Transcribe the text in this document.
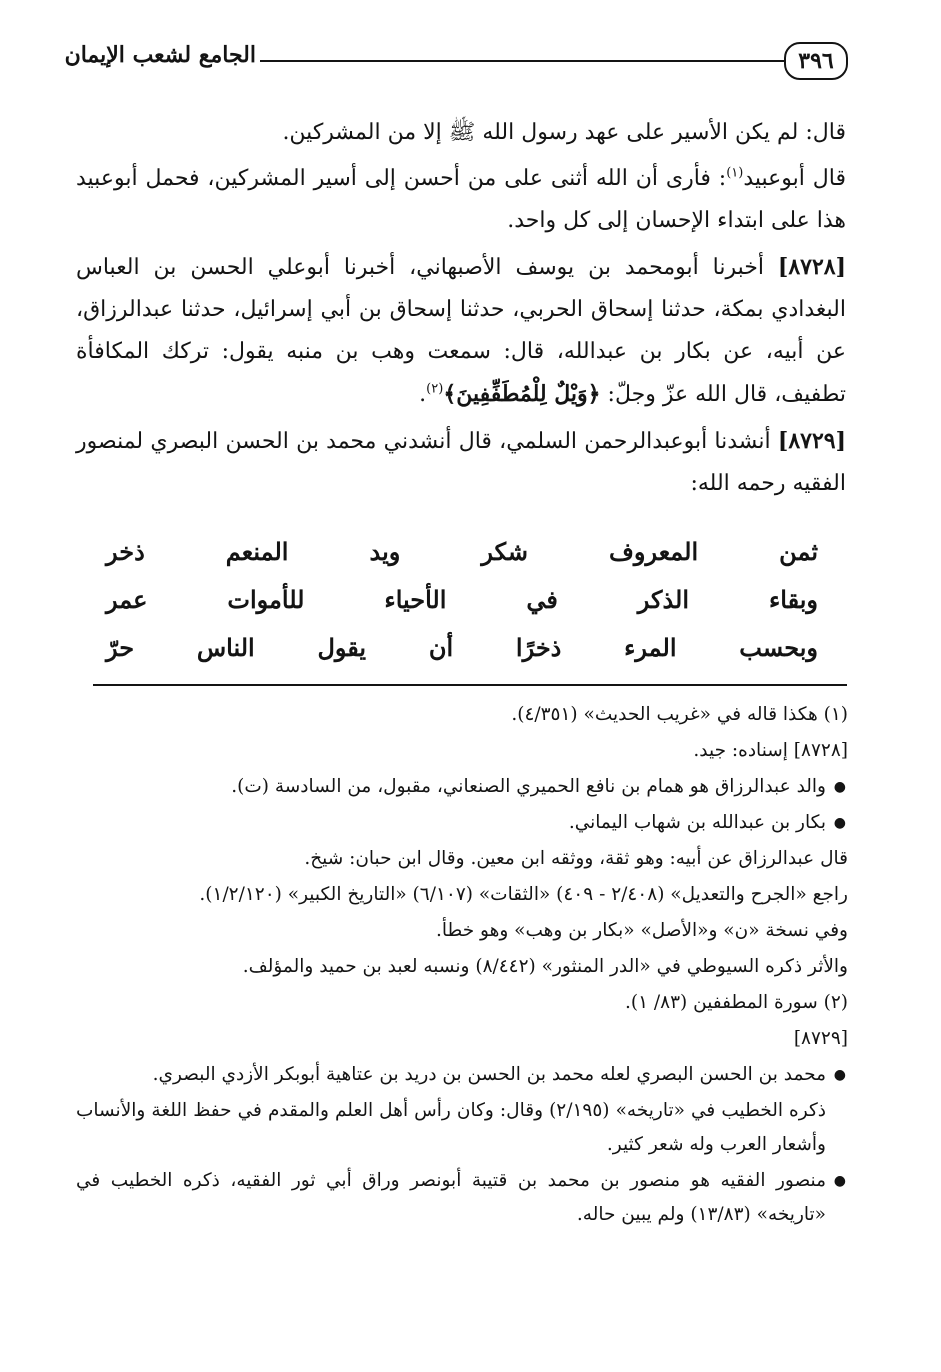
٣٩٦
الجامع لشعب الإيمان

قال: لم يكن الأسير على عهد رسول الله ﷺ إلا من المشركين.

قال أبوعبيد$^{(١)}$: فأرى أن الله أثنى على من أحسن إلى أسير المشركين، فحمل أبوعبيد هذا على ابتداء الإحسان إلى كل واحد.

[٨٧٢٨] أخبرنا أبومحمد بن يوسف الأصبهاني، أخبرنا أبوعلي الحسن بن العباس البغدادي بمكة، حدثنا إسحاق الحربي، حدثنا إسحاق بن أبي إسرائيل، حدثنا عبدالرزاق، عن أبيه، عن بكار بن عبدالله، قال: سمعت وهب بن منبه يقول: تركك المكافأة تطفيف، قال الله عزّ وجلّ: ﴿وَيْلٌ لِلْمُطَفِّفِينَ﴾$^{(٢)}$.

[٨٧٢٩] أنشدنا أبوعبدالرحمن السلمي، قال أنشدني محمد بن الحسن البصري لمنصور الفقيه رحمه الله:

ثمن المعروف شكر ويد المنعم ذخر
وبقاء الذكر في الأحياء للأموات عمر
وبحسب المرء ذخرًا أن يقول الناس حرّ

(١) هكذا قاله في «غريب الحديث» (٤/٣٥١).

[٨٧٢٨] إسناده: جيد.

●
والد عبدالرزاق هو همام بن نافع الحميري الصنعاني، مقبول، من السادسة (ت).

●
بكار بن عبدالله بن شهاب اليماني.

قال عبدالرزاق عن أبيه: وهو ثقة، ووثقه ابن معين. وقال ابن حبان: شيخ.

راجع «الجرح والتعديل» (٢/٤٠٨ - ٤٠٩) «الثقات» (٦/١٠٧) «التاريخ الكبير» (١/٢/١٢٠).

وفي نسخة «ن» و«الأصل» «بكار بن وهب» وهو خطأ.

والأثر ذكره السيوطي في «الدر المنثور» (٨/٤٤٢) ونسبه لعبد بن حميد والمؤلف.

(٢) سورة المطففين (٨٣/ ١).

[٨٧٢٩]

●
محمد بن الحسن البصري لعله محمد بن الحسن بن دريد بن عتاهية أبوبكر الأزدي البصري.

ذكره الخطيب في «تاريخه» (٢/١٩٥) وقال: وكان رأس أهل العلم والمقدم في حفظ اللغة والأنساب وأشعار العرب وله شعر كثير.

●
منصور الفقيه هو منصور بن محمد بن قتيبة أبونصر وراق أبي ثور الفقيه، ذكره الخطيب في «تاريخه» (١٣/٨٣) ولم يبين حاله.
